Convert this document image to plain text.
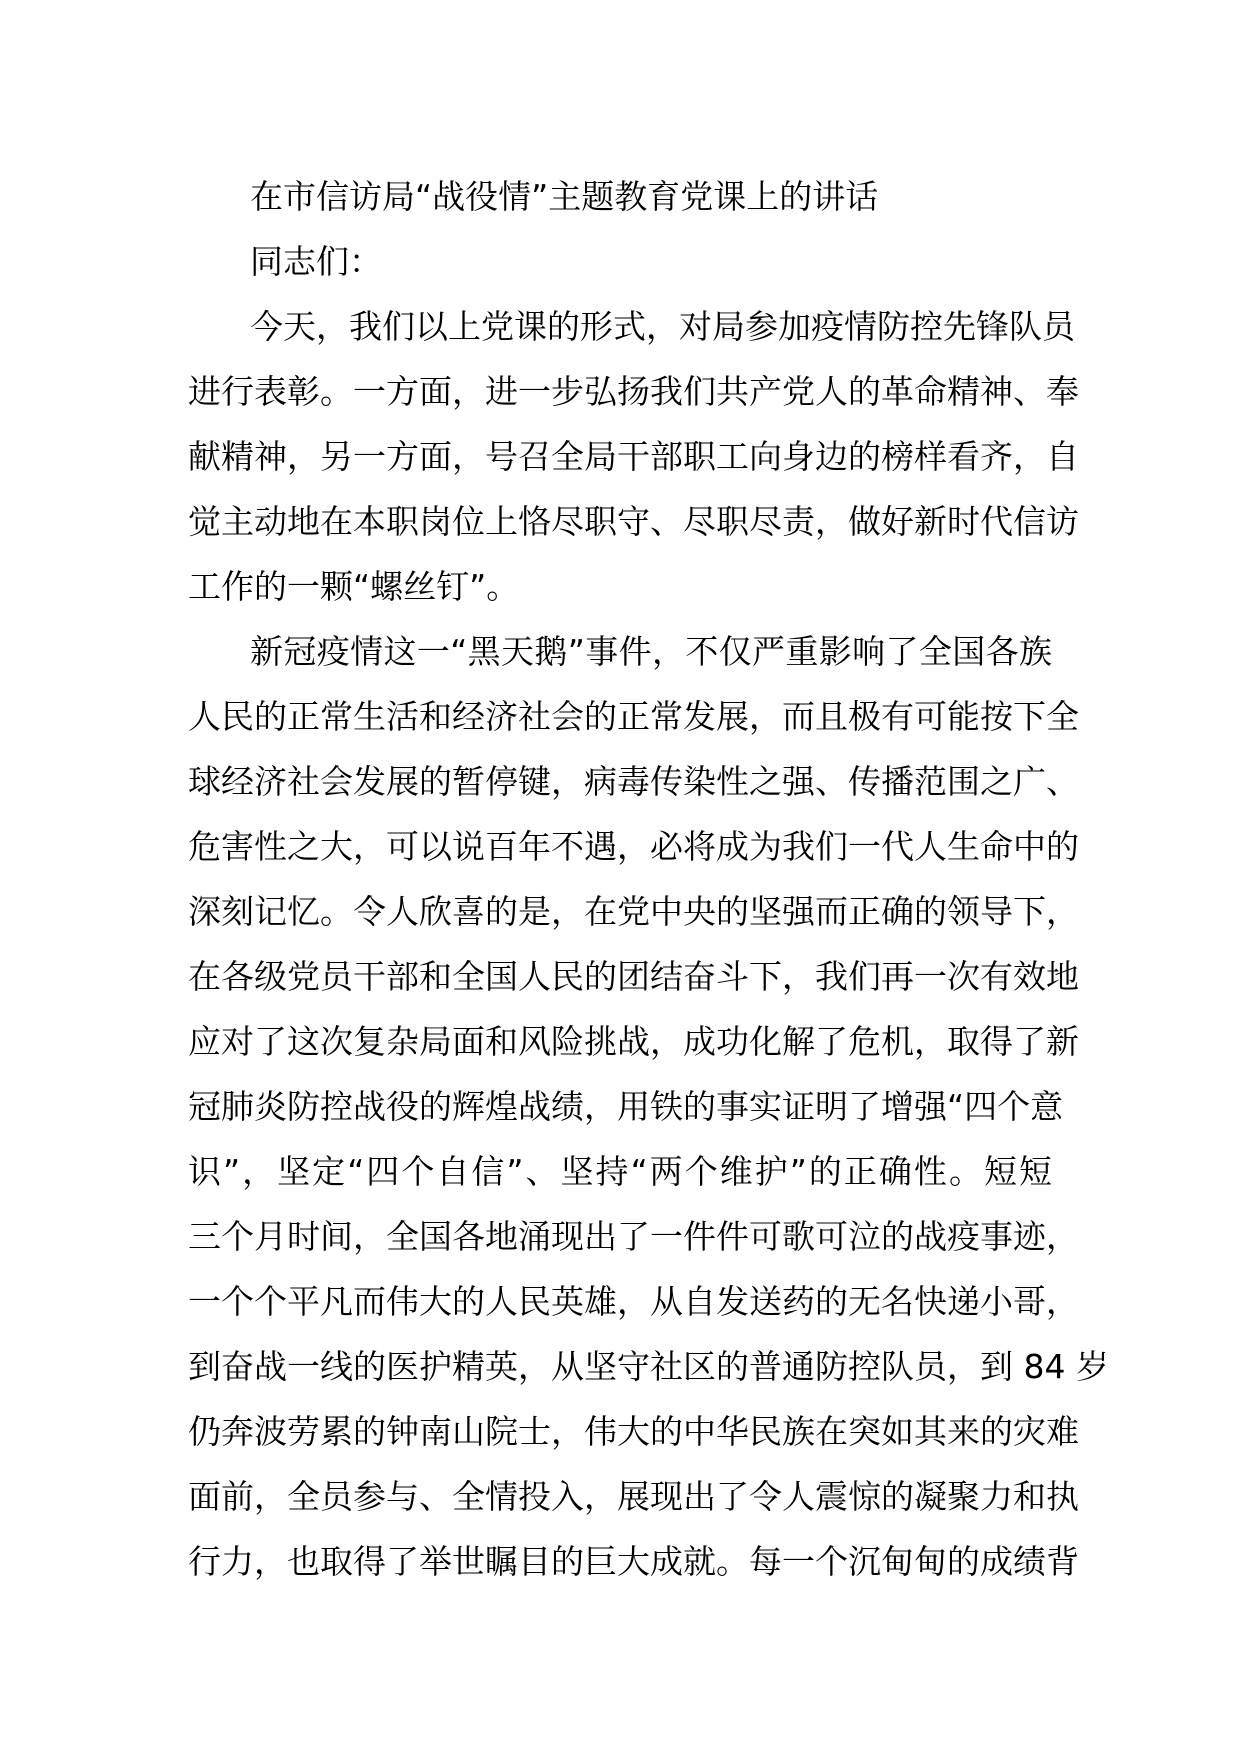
在市信访局“战役情”主题教育党课上的讲话
同志们：
今天，我们以上党课的形式，对局参加疫情防控先锋队员
进行表彰。一方面，进一步弘扬我们共产党人的革命精神、奉
献精神，另一方面，号召全局干部职工向身边的榜样看齐，自
觉主动地在本职岗位上恪尽职守、尽职尽责，做好新时代信访
工作的一颗“螺丝钉”。
新冠疫情这一“黑天鹅”事件，不仅严重影响了全国各族
人民的正常生活和经济社会的正常发展，而且极有可能按下全
球经济社会发展的暂停键，病毒传染性之强、传播范围之广、
危害性之大，可以说百年不遇，必将成为我们一代人生命中的
深刻记忆。令人欣喜的是，在党中央的坚强而正确的领导下，
在各级党员干部和全国人民的团结奋斗下，我们再一次有效地
应对了这次复杂局面和风险挑战，成功化解了危机，取得了新
冠肺炎防控战役的辉煌战绩，用铁的事实证明了增强“四个意
识”，坚定“四个自信”、坚持“两个维护”的正确性。短短
三个月时间，全国各地涌现出了一件件可歌可泣的战疫事迹，
一个个平凡而伟大的人民英雄，从自发送药的无名快递小哥，
到奋战一线的医护精英，从坚守社区的普通防控队员，到 84 岁
仍奔波劳累的钟南山院士，伟大的中华民族在突如其来的灾难
面前，全员参与、全情投入，展现出了令人震惊的凝聚力和执
行力，也取得了举世瞩目的巨大成就。每一个沉甸甸的成绩背
